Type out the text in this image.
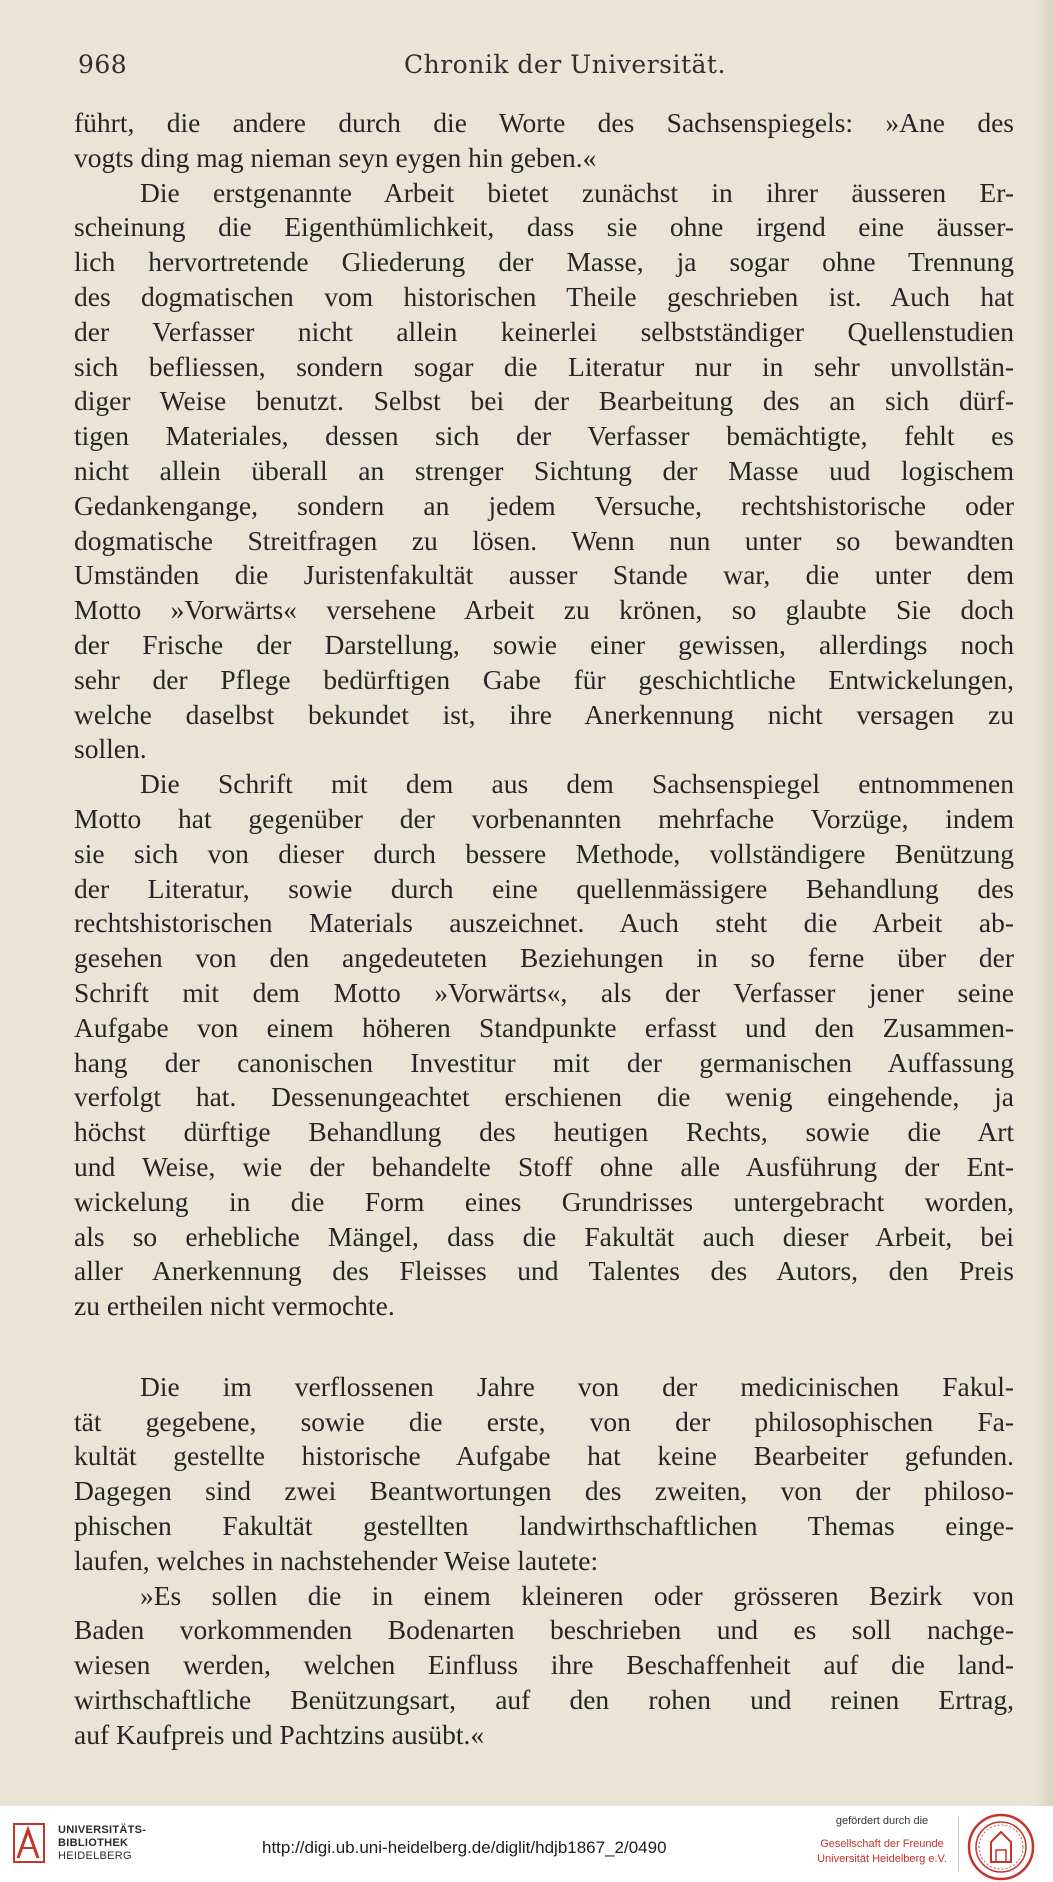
968	Chronik der Universität.

führt, die andere durch die Worte des Sachsenspiegels: »Ane des
vogts ding mag nieman seyn eygen hin geben.«

Die erstgenannte Arbeit bietet zunächst in ihrer äusseren Er-
scheinung die Eigenthümlichkeit, dass sie ohne irgend eine äusser-
lich hervortretende Gliederung der Masse, ja sogar ohne Trennung
des dogmatischen vom historischen Theile geschrieben ist. Auch hat
der Verfasser nicht allein keinerlei selbstständiger Quellenstudien
sich befliessen, sondern sogar die Literatur nur in sehr unvollstän-
diger Weise benutzt. Selbst bei der Bearbeitung des an sich dürf-
tigen Materiales, dessen sich der Verfasser bemächtigte, fehlt es
nicht allein überall an strenger Sichtung der Masse uud logischem
Gedankengange, sondern an jedem Versuche, rechtshistorische oder
dogmatische Streitfragen zu lösen. Wenn nun unter so bewandten
Umständen die Juristenfakultät ausser Stande war, die unter dem
Motto »Vorwärts« versehene Arbeit zu krönen, so glaubte Sie doch
der Frische der Darstellung, sowie einer gewissen, allerdings noch
sehr der Pflege bedürftigen Gabe für geschichtliche Entwickelungen,
welche daselbst bekundet ist, ihre Anerkennung nicht versagen zu
sollen.

Die Schrift mit dem aus dem Sachsenspiegel entnommenen
Motto hat gegenüber der vorbenannten mehrfache Vorzüge, indem
sie sich von dieser durch bessere Methode, vollständigere Benützung
der Literatur, sowie durch eine quellenmässigere Behandlung des
rechtshistorischen Materials auszeichnet. Auch steht die Arbeit ab-
gesehen von den angedeuteten Beziehungen in so ferne über der
Schrift mit dem Motto »Vorwärts«, als der Verfasser jener seine
Aufgabe von einem höheren Standpunkte erfasst und den Zusammen-
hang der canonischen Investitur mit der germanischen Auffassung
verfolgt hat. Dessenungeachtet erschienen die wenig eingehende, ja
höchst dürftige Behandlung des heutigen Rechts, sowie die Art
und Weise, wie der behandelte Stoff ohne alle Ausführung der Ent-
wickelung in die Form eines Grundrisses untergebracht worden,
als so erhebliche Mängel, dass die Fakultät auch dieser Arbeit, bei
aller Anerkennung des Fleisses und Talentes des Autors, den Preis
zu ertheilen nicht vermochte.

Die im verflossenen Jahre von der medicinischen Fakul-
tät gegebene, sowie die erste, von der philosophischen Fa-
kultät gestellte historische Aufgabe hat keine Bearbeiter gefunden.
Dagegen sind zwei Beantwortungen des zweiten, von der philoso-
phischen Fakultät gestellten landwirthschaftlichen Themas einge-
laufen, welches in nachstehender Weise lautete:

»Es sollen die in einem kleineren oder grösseren Bezirk von
Baden vorkommenden Bodenarten beschrieben und es soll nachge-
wiesen werden, welchen Einfluss ihre Beschaffenheit auf die land-
wirthschaftliche Benützungsart, auf den rohen und reinen Ertrag,
auf Kaufpreis und Pachtzins ausübt.«

UNIVERSITÄTS-
BIBLIOTHEK
HEIDELBERG	http://digi.ub.uni-heidelberg.de/diglit/hdjb1867_2/0490
gefördert durch die
Gesellschaft der Freunde
Universität Heidelberg e.V.
